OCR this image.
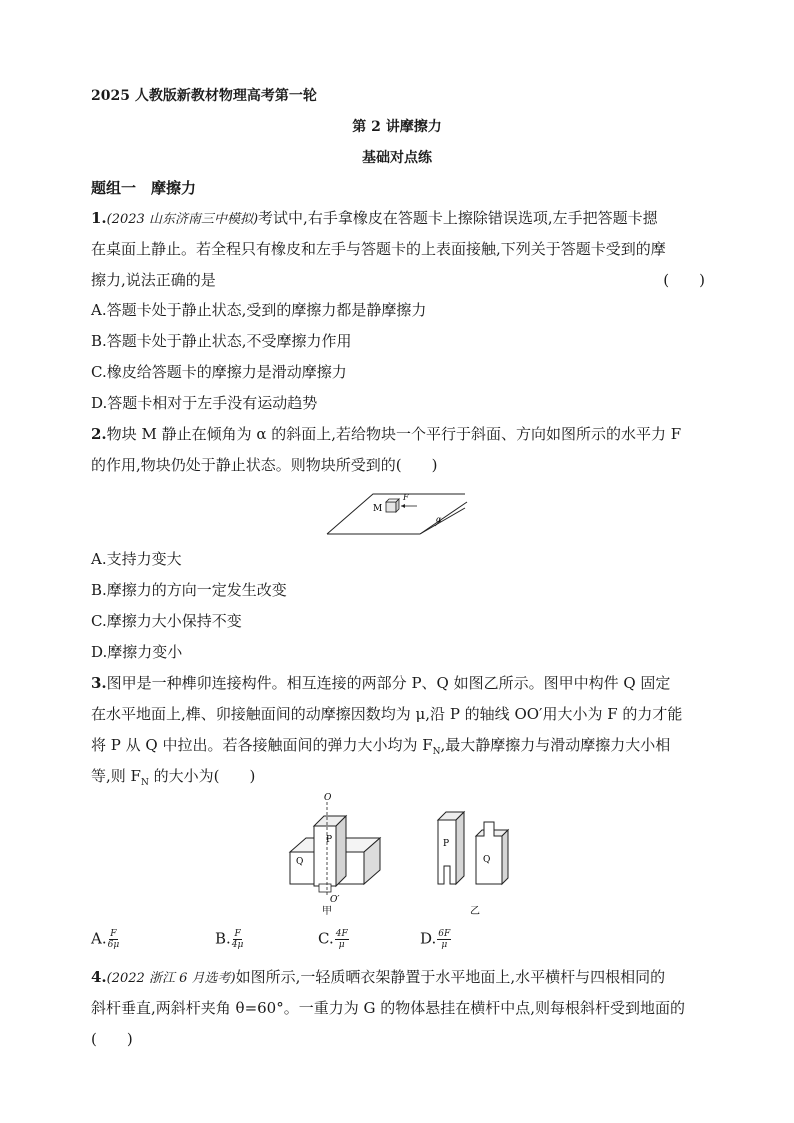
2025 人教版新教材物理高考第一轮
第 2 讲摩擦力
基础对点练
题组一　摩擦力
1.(2023 山东济南三中模拟)考试中,右手拿橡皮在答题卡上擦除错误选项,左手把答题卡摁
在桌面上静止。若全程只有橡皮和左手与答题卡的上表面接触,下列关于答题卡受到的摩
擦力,说法正确的是	(　　)
A.答题卡处于静止状态,受到的摩擦力都是静摩擦力
B.答题卡处于静止状态,不受摩擦力作用
C.橡皮给答题卡的摩擦力是滑动摩擦力
D.答题卡相对于左手没有运动趋势
2.物块 M 静止在倾角为 α 的斜面上,若给物块一个平行于斜面、方向如图所示的水平力 F
的作用,物块仍处于静止状态。则物块所受到的(　　)
M
F
α
A.支持力变大
B.摩擦力的方向一定发生改变
C.摩擦力大小保持不变
D.摩擦力变小
3.图甲是一种榫卯连接构件。相互连接的两部分 P、Q 如图乙所示。图甲中构件 Q 固定
在水平地面上,榫、卯接触面间的动摩擦因数均为 μ,沿 P 的轴线 OO′用大小为 F 的力才能
将 P 从 Q 中拉出。若各接触面间的弹力大小均为 $F_N$,最大静摩擦力与滑动摩擦力大小相
等,则 $F_N$ 的大小为(　　)
O
O′
P
Q
甲
P
Q
乙
A. $\frac{F}{6\mu}$	B. $\frac{F}{4\mu}$	C. $\frac{4F}{\mu}$	D. $\frac{6F}{\mu}$
4.(2022 浙江 6 月选考)如图所示,一轻质晒衣架静置于水平地面上,水平横杆与四根相同的
斜杆垂直,两斜杆夹角 θ=60°。一重力为 G 的物体悬挂在横杆中点,则每根斜杆受到地面的
(　　)
